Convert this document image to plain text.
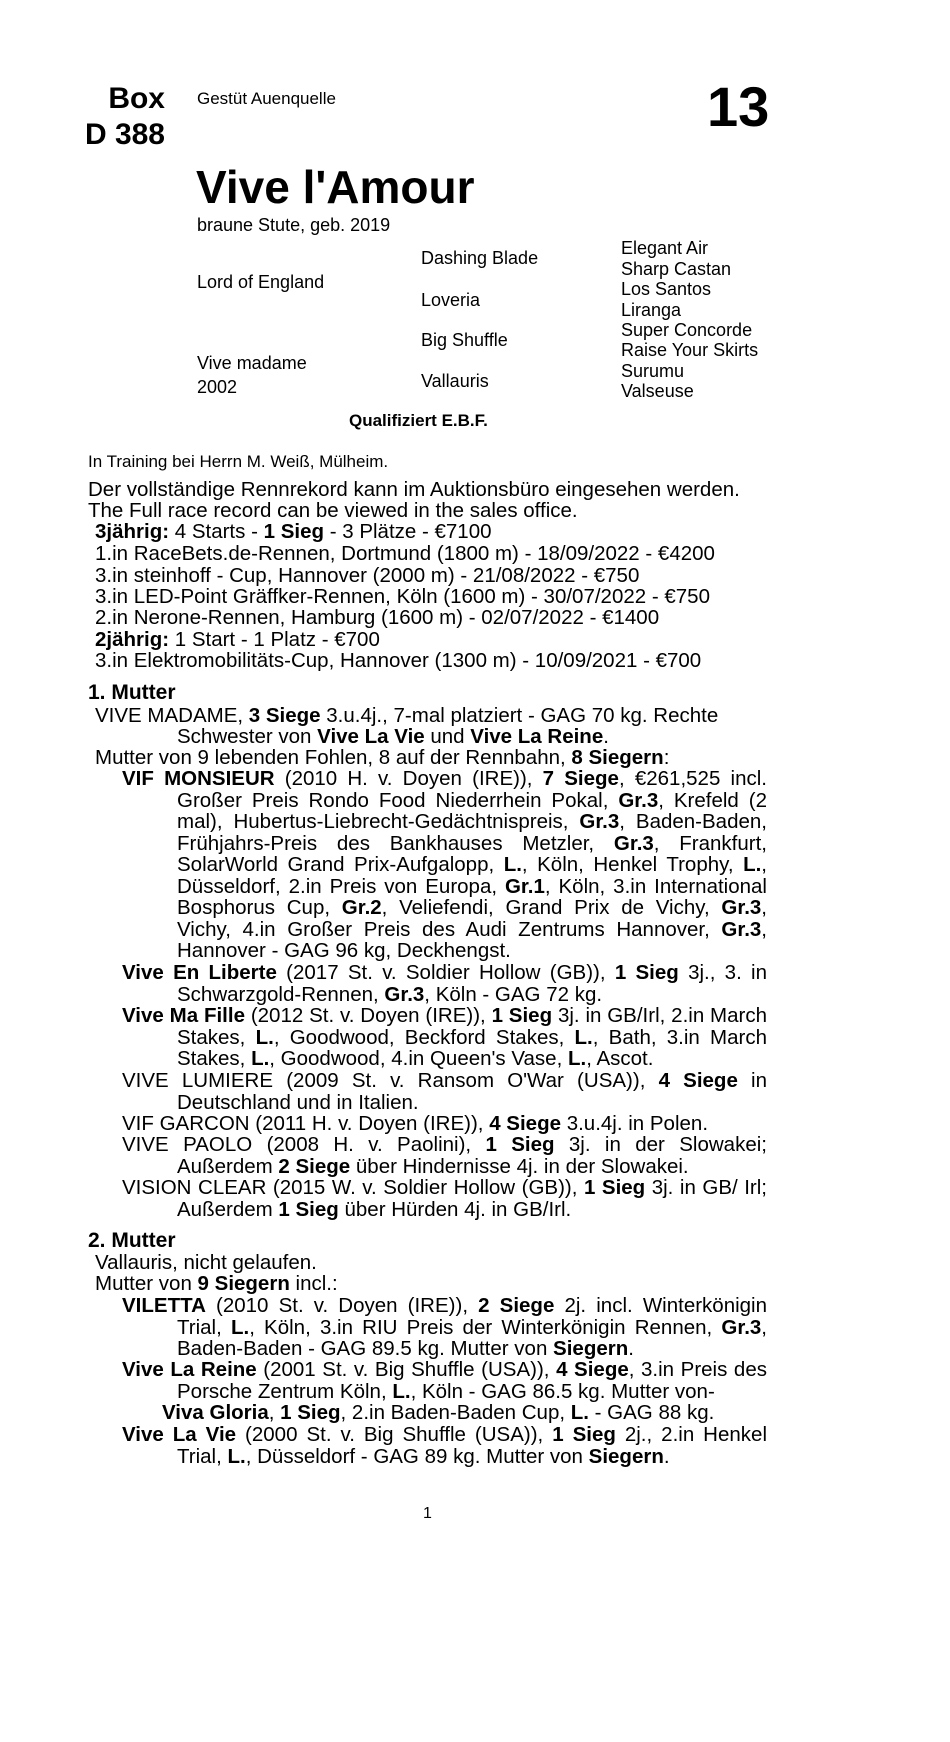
Box
D 388
Gestüt Auenquelle	13
Vive l'Amour
braune Stute, geb. 2019
Lord of England
Vive madame
2002
Dashing Blade
Loveria
Big Shuffle
Vallauris
Elegant Air
Sharp Castan
Los Santos
Liranga
Super Concorde
Raise Your Skirts
Surumu
Valseuse
Qualifiziert E.B.F.
In Training bei Herrn M. Weiß, Mülheim.
Der vollständige Rennrekord kann im Auktionsbüro eingesehen werden.
The Full race record can be viewed in the sales office.
3jährig: 4 Starts - 1 Sieg - 3 Plätze - €7100
1.in RaceBets.de-Rennen, Dortmund (1800 m) - 18/09/2022 - €4200
3.in steinhoff - Cup, Hannover (2000 m) - 21/08/2022 - €750
3.in LED-Point Gräffker-Rennen, Köln (1600 m) - 30/07/2022 - €750
2.in Nerone-Rennen, Hamburg (1600 m) - 02/07/2022 - €1400
2jährig: 1 Start - 1 Platz - €700
3.in Elektromobilitäts-Cup, Hannover (1300 m) - 10/09/2021 - €700
1. Mutter
VIVE MADAME, 3 Siege 3.u.4j., 7-mal platziert - GAG 70 kg. Rechte
Schwester von Vive La Vie und Vive La Reine.
Mutter von 9 lebenden Fohlen, 8 auf der Rennbahn, 8 Siegern:
VIF MONSIEUR (2010 H. v. Doyen (IRE)), 7 Siege, €261,525 incl. Großer Preis Rondo Food Niederrhein Pokal, Gr.3, Krefeld (2 mal), Hubertus-Liebrecht-Gedächtnispreis, Gr.3, Baden-Baden, Frühjahrs-Preis des Bankhauses Metzler, Gr.3, Frankfurt, SolarWorld Grand Prix-Aufgalopp, L., Köln, Henkel Trophy, L., Düsseldorf, 2.in Preis von Europa, Gr.1, Köln, 3.in International Bosphorus Cup, Gr.2, Veliefendi, Grand Prix de Vichy, Gr.3, Vichy, 4.in Großer Preis des Audi Zentrums Hannover, Gr.3, Hannover - GAG 96 kg, Deckhengst.
Vive En Liberte (2017 St. v. Soldier Hollow (GB)), 1 Sieg 3j., 3. in Schwarzgold-Rennen, Gr.3, Köln - GAG 72 kg.
Vive Ma Fille (2012 St. v. Doyen (IRE)), 1 Sieg 3j. in GB/Irl, 2.in March Stakes, L., Goodwood, Beckford Stakes, L., Bath, 3.in March Stakes, L., Goodwood, 4.in Queen's Vase, L., Ascot.
VIVE LUMIERE (2009 St. v. Ransom O'War (USA)), 4 Siege in Deutschland und in Italien.
VIF GARCON (2011 H. v. Doyen (IRE)), 4 Siege 3.u.4j. in Polen.
VIVE PAOLO (2008 H. v. Paolini), 1 Sieg 3j. in der Slowakei; Außerdem 2 Siege über Hindernisse 4j. in der Slowakei.
VISION CLEAR (2015 W. v. Soldier Hollow (GB)), 1 Sieg 3j. in GB/ Irl; Außerdem 1 Sieg über Hürden 4j. in GB/Irl.
2. Mutter
Vallauris, nicht gelaufen.
Mutter von 9 Siegern incl.:
VILETTA (2010 St. v. Doyen (IRE)), 2 Siege 2j. incl. Winterkönigin Trial, L., Köln, 3.in RIU Preis der Winterkönigin Rennen, Gr.3, Baden-Baden - GAG 89.5 kg. Mutter von Siegern.
Vive La Reine (2001 St. v. Big Shuffle (USA)), 4 Siege, 3.in Preis des Porsche Zentrum Köln, L., Köln - GAG 86.5 kg. Mutter von-
Viva Gloria, 1 Sieg, 2.in Baden-Baden Cup, L. - GAG 88 kg.
Vive La Vie (2000 St. v. Big Shuffle (USA)), 1 Sieg 2j., 2.in Henkel Trial, L., Düsseldorf - GAG 89 kg. Mutter von Siegern.
1
